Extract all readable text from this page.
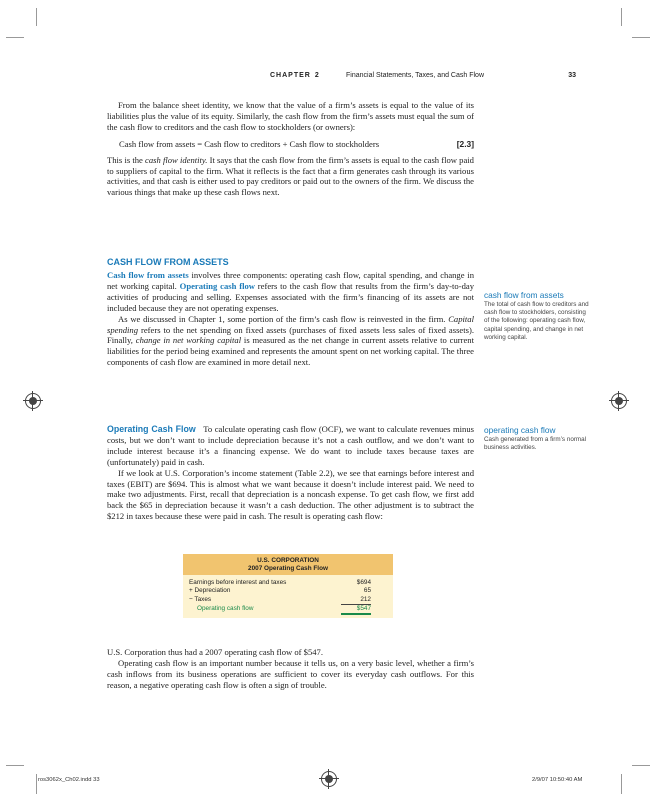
CHAPTER 2	Financial Statements, Taxes, and Cash Flow	33

From the balance sheet identity, we know that the value of a firm’s assets is equal to the value of its liabilities plus the value of its equity. Similarly, the cash flow from the firm’s assets must equal the sum of the cash flow to creditors and the cash flow to stockholders (or owners):

Cash flow from assets = Cash flow to creditors + Cash flow to stockholders	[2.3]

This is the cash flow identity. It says that the cash flow from the firm’s assets is equal to the cash flow paid to suppliers of capital to the firm. What it reflects is the fact that a firm generates cash through its various activities, and that cash is either used to pay creditors or paid out to the owners of the firm. We discuss the various things that make up these cash flows next.

CASH FLOW FROM ASSETS

Cash flow from assets involves three components: operating cash flow, capital spending, and change in net working capital. Operating cash flow refers to the cash flow that results from the firm’s day-to-day activities of producing and selling. Expenses associated with the firm’s financing of its assets are not included because they are not operating expenses.

As we discussed in Chapter 1, some portion of the firm’s cash flow is reinvested in the firm. Capital spending refers to the net spending on fixed assets (purchases of fixed assets less sales of fixed assets). Finally, change in net working capital is measured as the net change in current assets relative to current liabilities for the period being examined and represents the amount spent on net working capital. The three components of cash flow are examined in more detail next.

cash flow from assets
The total of cash flow to creditors and cash flow to stockholders, consisting of the following: operating cash flow, capital spending, and change in net working capital.

Operating Cash Flow To calculate operating cash flow (OCF), we want to calculate revenues minus costs, but we don’t want to include depreciation because it’s not a cash outflow, and we don’t want to include interest because it’s a financing expense. We do want to include taxes because taxes are (unfortunately) paid in cash.

If we look at U.S. Corporation’s income statement (Table 2.2), we see that earnings before interest and taxes (EBIT) are $694. This is almost what we want because it doesn’t include interest paid. We need to make two adjustments. First, recall that depreciation is a noncash expense. To get cash flow, we first add back the $65 in depreciation because it wasn’t a cash deduction. The other adjustment is to subtract the $212 in taxes because these were paid in cash. The result is operating cash flow:

operating cash flow
Cash generated from a firm’s normal business activities.
U.S. CORPORATION
2007 Operating Cash Flow
Earnings before interest and taxes	$694
+ Depreciation	65
− Taxes	212
Operating cash flow	$547

U.S. Corporation thus had a 2007 operating cash flow of $547.

Operating cash flow is an important number because it tells us, on a very basic level, whether a firm’s cash inflows from its business operations are sufficient to cover its everyday cash outflows. For this reason, a negative operating cash flow is often a sign of trouble.

ros3062x_Ch02.indd 33	2/9/07 10:50:40 AM
